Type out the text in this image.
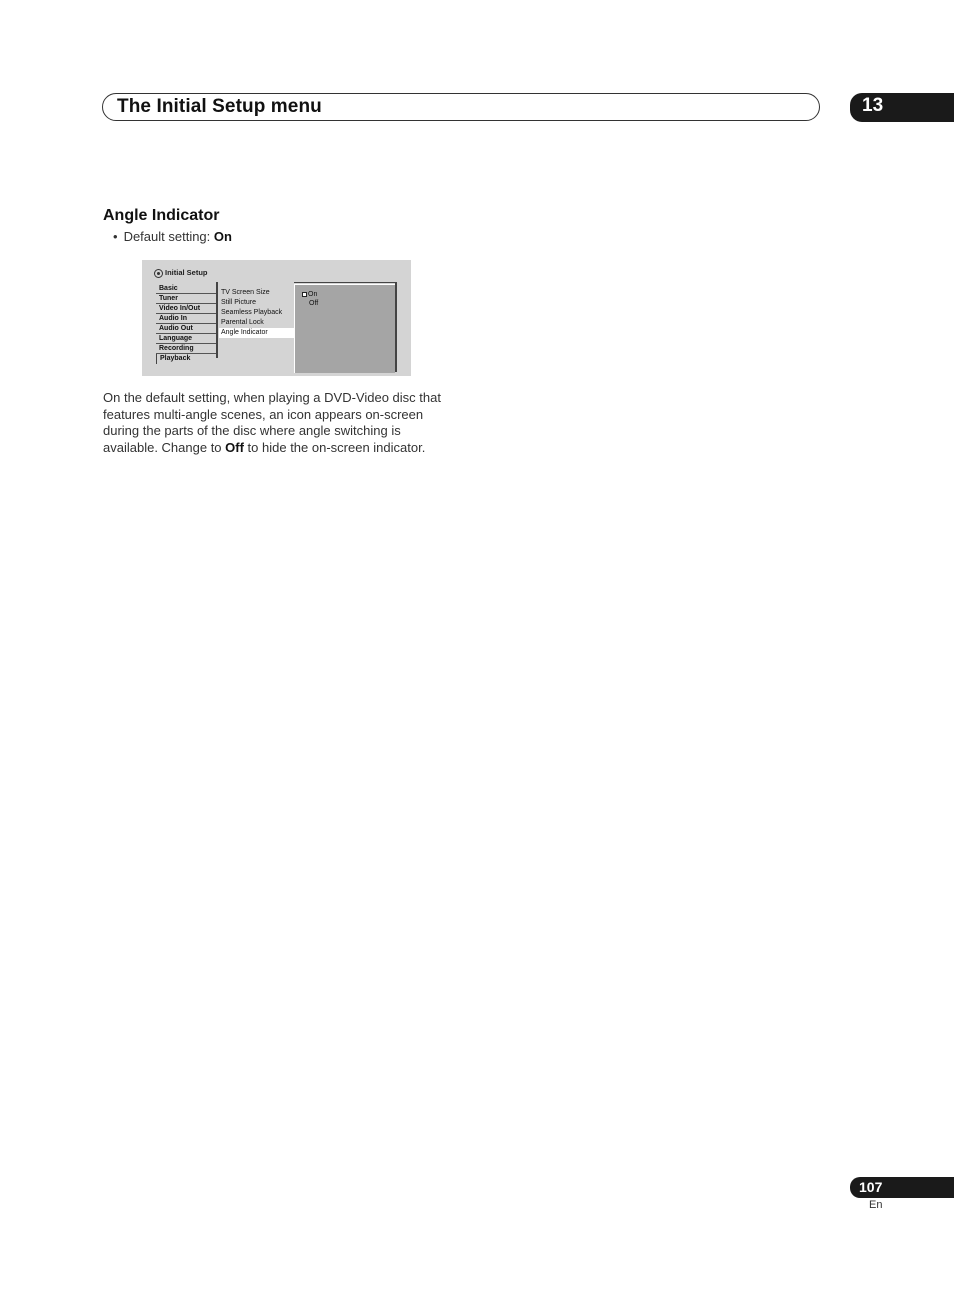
The Initial Setup menu	13
Angle Indicator
• Default setting: On
Initial Setup
Basic
Tuner
Video In/Out
Audio In
Audio Out
Language
Recording
Playback
TV Screen Size
Still Picture
Seamless Playback
Parental Lock
Angle Indicator
On
Off
On the default setting, when playing a DVD-Video disc that features multi-angle scenes, an icon appears on-screen during the parts of the disc where angle switching is available. Change to Off to hide the on-screen indicator.
107
En
